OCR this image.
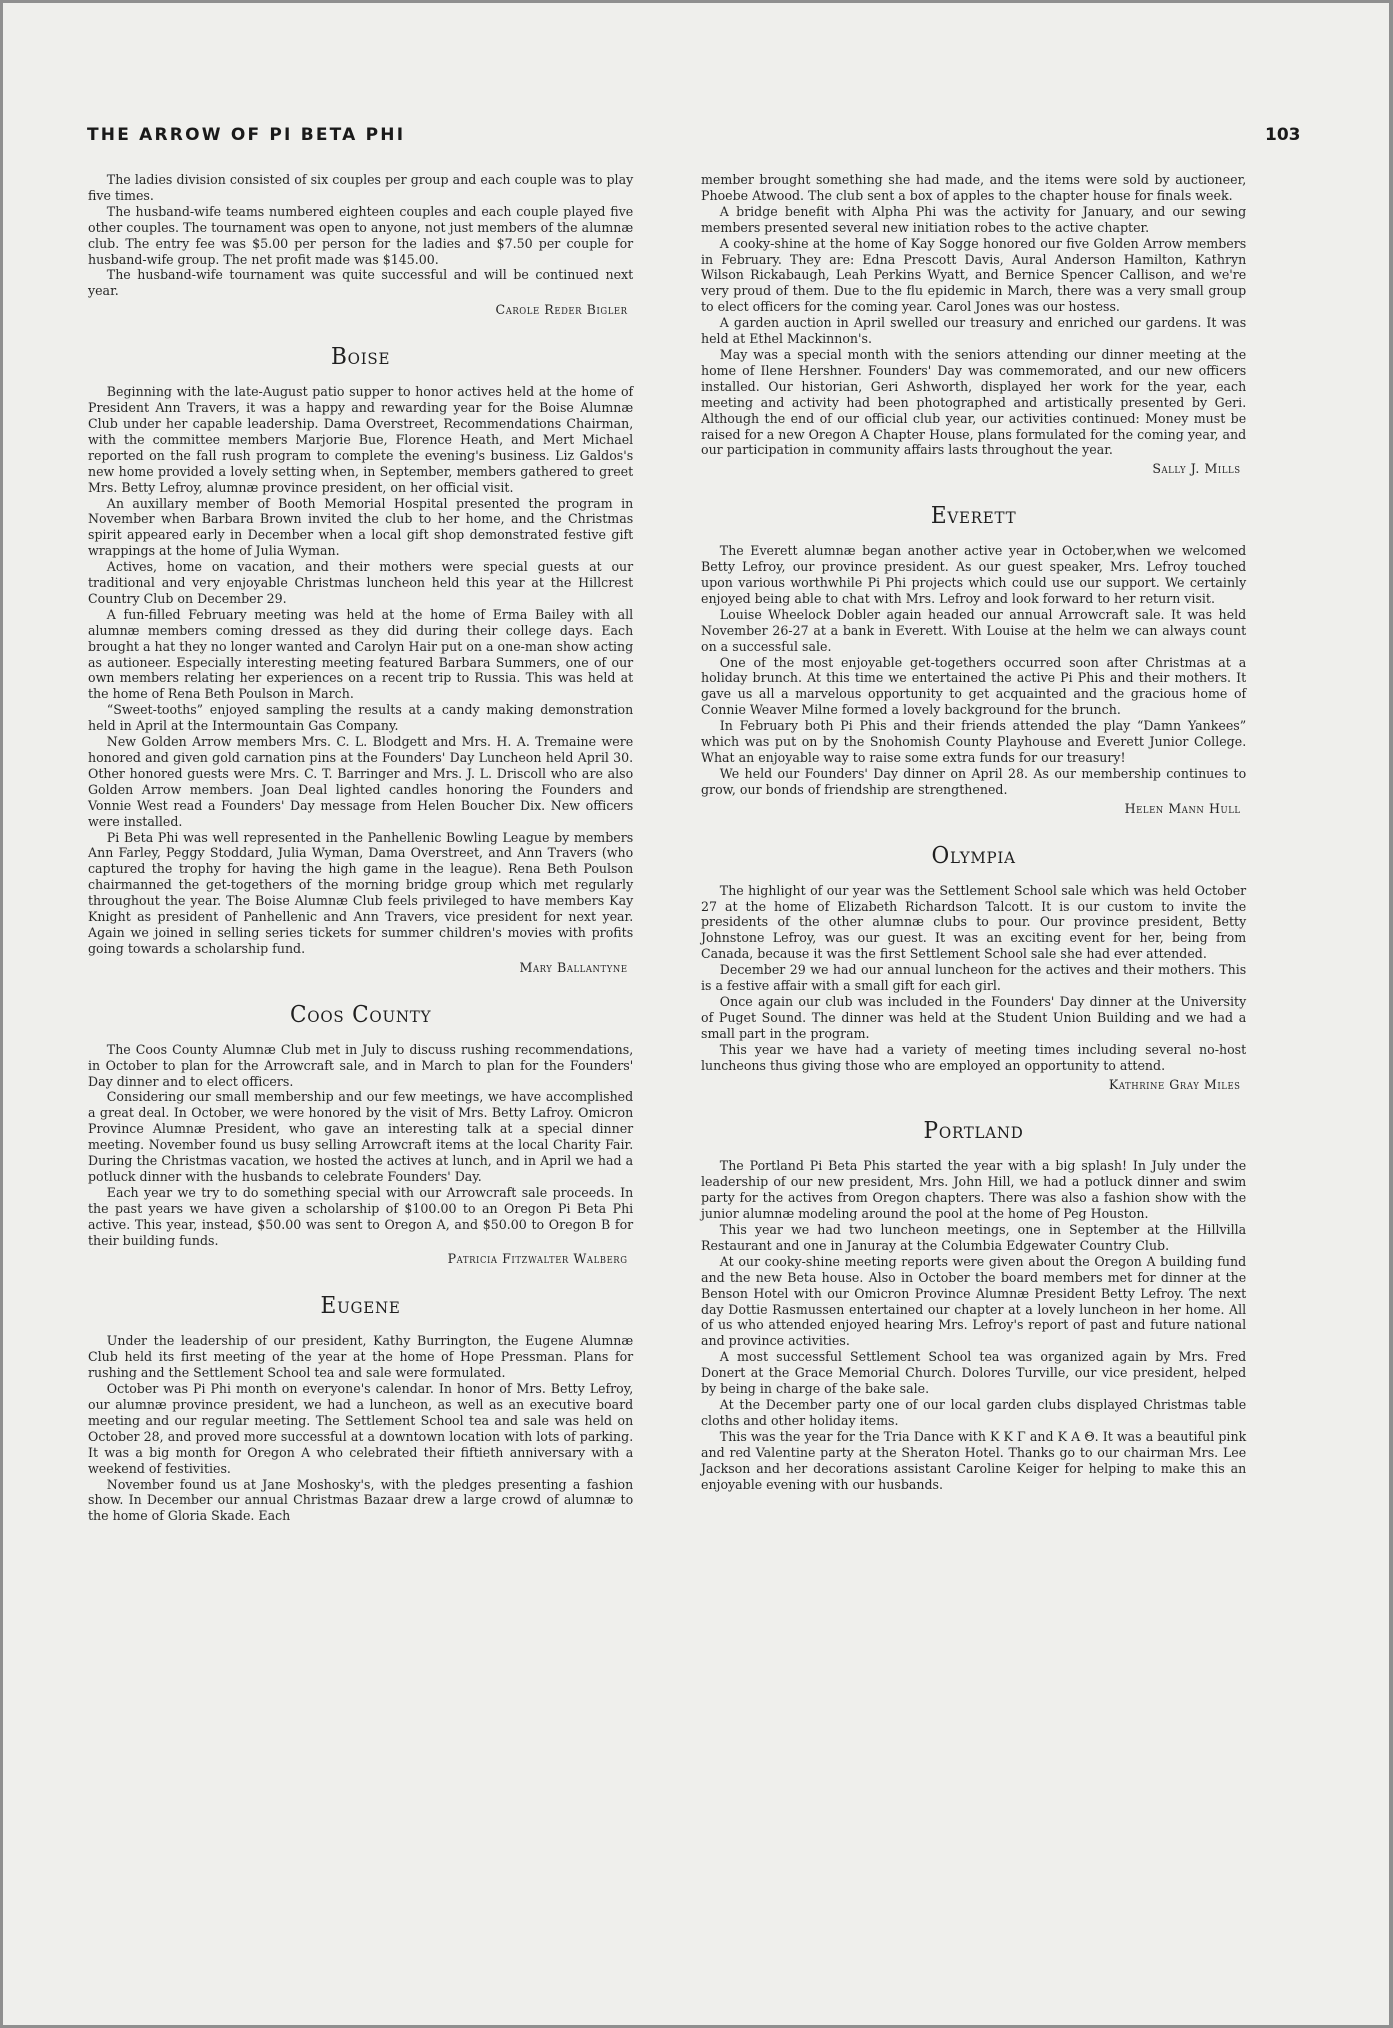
THE ARROW OF PI BETA PHI	103

The ladies division consisted of six couples per group and each couple was to play five times.

The husband-wife teams numbered eighteen couples and each couple played five other couples. The tournament was open to anyone, not just members of the alumnæ club. The entry fee was $5.00 per person for the ladies and $7.50 per couple for husband-wife group. The net profit made was $145.00.

The husband-wife tournament was quite successful and will be continued next year.

Carole Reder Bigler
Boise

Beginning with the late-August patio supper to honor actives held at the home of President Ann Travers, it was a happy and rewarding year for the Boise Alumnæ Club under her capable leadership. Dama Overstreet, Recommendations Chairman, with the committee members Marjorie Bue, Florence Heath, and Mert Michael reported on the fall rush program to complete the evening's business. Liz Galdos's new home provided a lovely setting when, in September, members gathered to greet Mrs. Betty Lefroy, alumnæ province president, on her official visit.

An auxillary member of Booth Memorial Hospital presented the program in November when Barbara Brown invited the club to her home, and the Christmas spirit appeared early in December when a local gift shop demonstrated festive gift wrappings at the home of Julia Wyman.

Actives, home on vacation, and their mothers were special guests at our traditional and very enjoyable Christmas luncheon held this year at the Hillcrest Country Club on December 29.

A fun-filled February meeting was held at the home of Erma Bailey with all alumnæ members coming dressed as they did during their college days. Each brought a hat they no longer wanted and Carolyn Hair put on a one-man show acting as autioneer. Especially interesting meeting featured Barbara Summers, one of our own members relating her experiences on a recent trip to Russia. This was held at the home of Rena Beth Poulson in March.

“Sweet-tooths” enjoyed sampling the results at a candy making demonstration held in April at the Intermountain Gas Company.

New Golden Arrow members Mrs. C. L. Blodgett and Mrs. H. A. Tremaine were honored and given gold carnation pins at the Founders' Day Luncheon held April 30. Other honored guests were Mrs. C. T. Barringer and Mrs. J. L. Driscoll who are also Golden Arrow members. Joan Deal lighted candles honoring the Founders and Vonnie West read a Founders' Day message from Helen Boucher Dix. New officers were installed.

Pi Beta Phi was well represented in the Panhellenic Bowling League by members Ann Farley, Peggy Stoddard, Julia Wyman, Dama Overstreet, and Ann Travers (who captured the trophy for having the high game in the league). Rena Beth Poulson chairmanned the get-togethers of the morning bridge group which met regularly throughout the year. The Boise Alumnæ Club feels privileged to have members Kay Knight as president of Panhellenic and Ann Travers, vice president for next year. Again we joined in selling series tickets for summer children's movies with profits going towards a scholarship fund.

Mary Ballantyne
Coos County

The Coos County Alumnæ Club met in July to discuss rushing recommendations, in October to plan for the Arrowcraft sale, and in March to plan for the Founders' Day dinner and to elect officers.

Considering our small membership and our few meetings, we have accomplished a great deal. In October, we were honored by the visit of Mrs. Betty Lafroy. Omicron Province Alumnæ President, who gave an interesting talk at a special dinner meeting. November found us busy selling Arrowcraft items at the local Charity Fair. During the Christmas vacation, we hosted the actives at lunch, and in April we had a potluck dinner with the husbands to celebrate Founders' Day.

Each year we try to do something special with our Arrowcraft sale proceeds. In the past years we have given a scholarship of $100.00 to an Oregon Pi Beta Phi active. This year, instead, $50.00 was sent to Oregon A, and $50.00 to Oregon B for their building funds.

Patricia Fitzwalter Walberg
Eugene

Under the leadership of our president, Kathy Burrington, the Eugene Alumnæ Club held its first meeting of the year at the home of Hope Pressman. Plans for rushing and the Settlement School tea and sale were formulated.

October was Pi Phi month on everyone's calendar. In honor of Mrs. Betty Lefroy, our alumnæ province president, we had a luncheon, as well as an executive board meeting and our regular meeting. The Settlement School tea and sale was held on October 28, and proved more successful at a downtown location with lots of parking. It was a big month for Oregon A who celebrated their fiftieth anniversary with a weekend of festivities.

November found us at Jane Moshosky's, with the pledges presenting a fashion show. In December our annual Christmas Bazaar drew a large crowd of alumnæ to the home of Gloria Skade. Each

member brought something she had made, and the items were sold by auctioneer, Phoebe Atwood. The club sent a box of apples to the chapter house for finals week.

A bridge benefit with Alpha Phi was the activity for January, and our sewing members presented several new initiation robes to the active chapter.

A cooky-shine at the home of Kay Sogge honored our five Golden Arrow members in February. They are: Edna Prescott Davis, Aural Anderson Hamilton, Kathryn Wilson Rickabaugh, Leah Perkins Wyatt, and Bernice Spencer Callison, and we're very proud of them. Due to the flu epidemic in March, there was a very small group to elect officers for the coming year. Carol Jones was our hostess.

A garden auction in April swelled our treasury and enriched our gardens. It was held at Ethel Mackinnon's.

May was a special month with the seniors attending our dinner meeting at the home of Ilene Hershner. Founders' Day was commemorated, and our new officers installed. Our historian, Geri Ashworth, displayed her work for the year, each meeting and activity had been photographed and artistically presented by Geri. Although the end of our official club year, our activities continued: Money must be raised for a new Oregon A Chapter House, plans formulated for the coming year, and our participation in community affairs lasts throughout the year.

Sally J. Mills
Everett

The Everett alumnæ began another active year in October,when we welcomed Betty Lefroy, our province president. As our guest speaker, Mrs. Lefroy touched upon various worthwhile Pi Phi projects which could use our support. We certainly enjoyed being able to chat with Mrs. Lefroy and look forward to her return visit.

Louise Wheelock Dobler again headed our annual Arrowcraft sale. It was held November 26-27 at a bank in Everett. With Louise at the helm we can always count on a successful sale.

One of the most enjoyable get-togethers occurred soon after Christmas at a holiday brunch. At this time we entertained the active Pi Phis and their mothers. It gave us all a marvelous opportunity to get acquainted and the gracious home of Connie Weaver Milne formed a lovely background for the brunch.

In February both Pi Phis and their friends attended the play “Damn Yankees” which was put on by the Snohomish County Playhouse and Everett Junior College. What an enjoyable way to raise some extra funds for our treasury!

We held our Founders' Day dinner on April 28. As our membership continues to grow, our bonds of friendship are strengthened.

Helen Mann Hull
Olympia

The highlight of our year was the Settlement School sale which was held October 27 at the home of Elizabeth Richardson Talcott. It is our custom to invite the presidents of the other alumnæ clubs to pour. Our province president, Betty Johnstone Lefroy, was our guest. It was an exciting event for her, being from Canada, because it was the first Settlement School sale she had ever attended.

December 29 we had our annual luncheon for the actives and their mothers. This is a festive affair with a small gift for each girl.

Once again our club was included in the Founders' Day dinner at the University of Puget Sound. The dinner was held at the Student Union Building and we had a small part in the program.

This year we have had a variety of meeting times including several no-host luncheons thus giving those who are employed an opportunity to attend.

Kathrine Gray Miles
Portland

The Portland Pi Beta Phis started the year with a big splash! In July under the leadership of our new president, Mrs. John Hill, we had a potluck dinner and swim party for the actives from Oregon chapters. There was also a fashion show with the junior alumnæ modeling around the pool at the home of Peg Houston.

This year we had two luncheon meetings, one in September at the Hillvilla Restaurant and one in Januray at the Columbia Edgewater Country Club.

At our cooky-shine meeting reports were given about the Oregon A building fund and the new Beta house. Also in October the board members met for dinner at the Benson Hotel with our Omicron Province Alumnæ President Betty Lefroy. The next day Dottie Rasmussen entertained our chapter at a lovely luncheon in her home. All of us who attended enjoyed hearing Mrs. Lefroy's report of past and future national and province activities.

A most successful Settlement School tea was organized again by Mrs. Fred Donert at the Grace Memorial Church. Dolores Turville, our vice president, helped by being in charge of the bake sale.

At the December party one of our local garden clubs displayed Christmas table cloths and other holiday items.

This was the year for the Tria Dance with Κ Κ Γ and Κ Α Θ. It was a beautiful pink and red Valentine party at the Sheraton Hotel. Thanks go to our chairman Mrs. Lee Jackson and her decorations assistant Caroline Keiger for helping to make this an enjoyable evening with our husbands.
